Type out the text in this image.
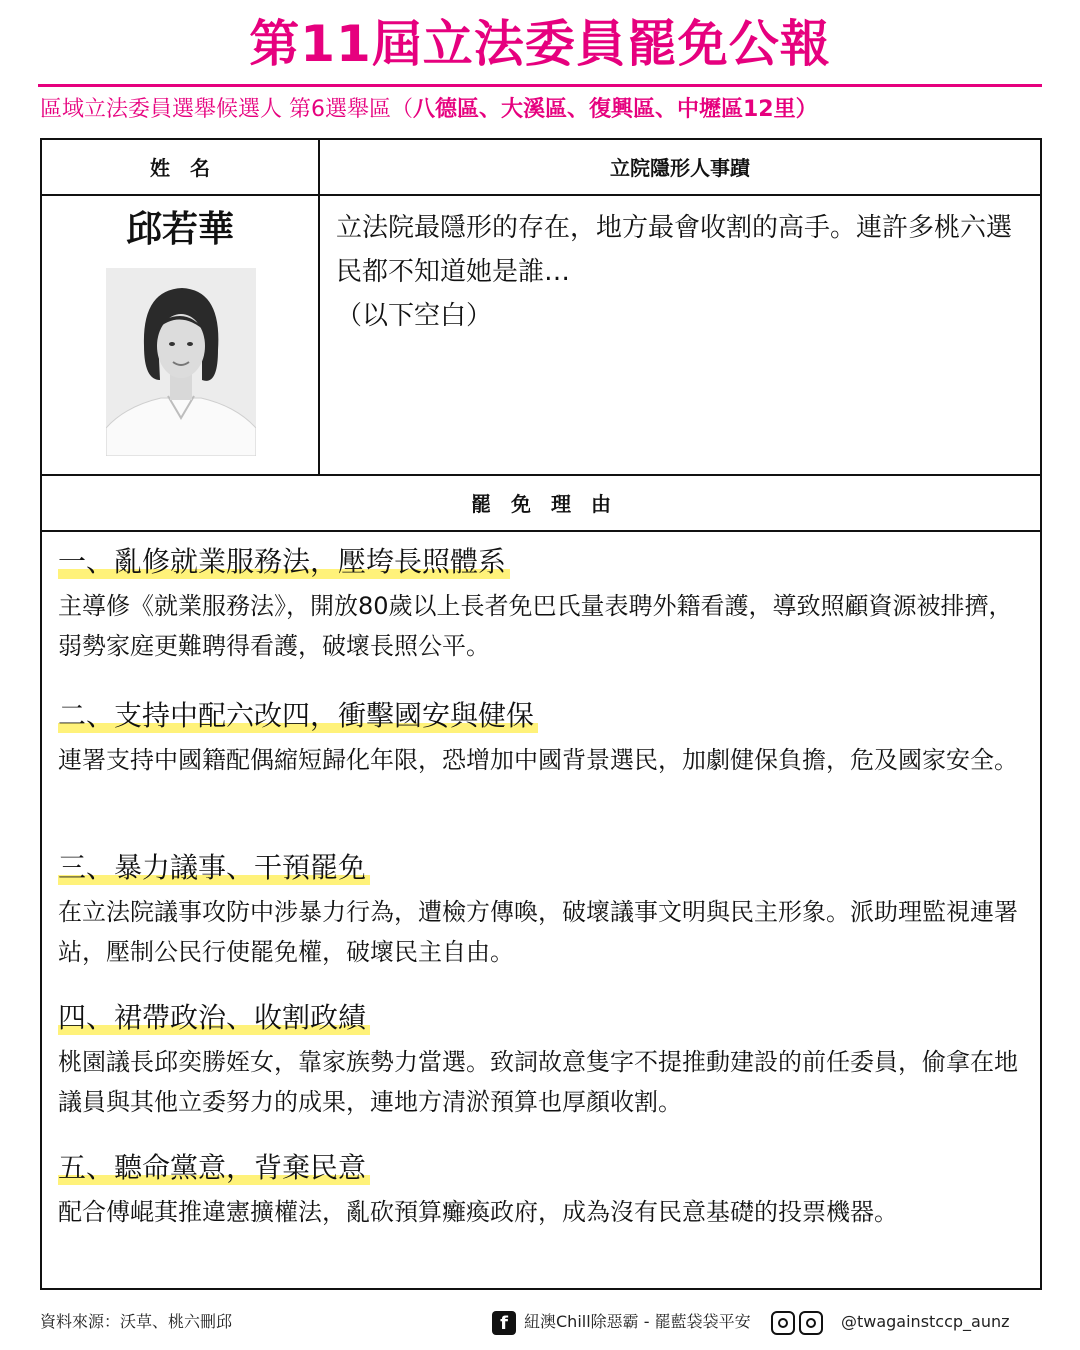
第11屆立法委員罷免公報
區域立法委員選舉候選人 第6選舉區（八德區、大溪區、復興區、中壢區12里）
姓　名	立院隱形人事蹟
邱若華	立法院最隱形的存在，地方最會收割的高手。連許多桃六選民都不知道她是誰…

（以下空白）

罷　免　理　由
一、亂修就業服務法，壓垮長照體系
主導修《就業服務法》，開放80歲以上長者免巴氏量表聘外籍看護，導致照顧資源被排擠，弱勢家庭更難聘得看護，破壞長照公平。
二、支持中配六改四，衝擊國安與健保
連署支持中國籍配偶縮短歸化年限，恐增加中國背景選民，加劇健保負擔，危及國家安全。
三、暴力議事、干預罷免
在立法院議事攻防中涉暴力行為，遭檢方傳喚，破壞議事文明與民主形象。派助理監視連署站，壓制公民行使罷免權，破壞民主自由。
四、裙帶政治、收割政績
桃園議長邱奕勝姪女，靠家族勢力當選。致詞故意隻字不提推動建設的前任委員，偷拿在地議員與其他立委努力的成果，連地方清淤預算也厚顏收割。
五、聽命黨意，背棄民意
配合傅崐萁推違憲擴權法，亂砍預算癱瘓政府，成為沒有民意基礎的投票機器。
資料來源：沃草、桃六刪邱	f 紐澳Chill除惡霸 - 罷藍袋袋平安	@twagainstccp_aunz
